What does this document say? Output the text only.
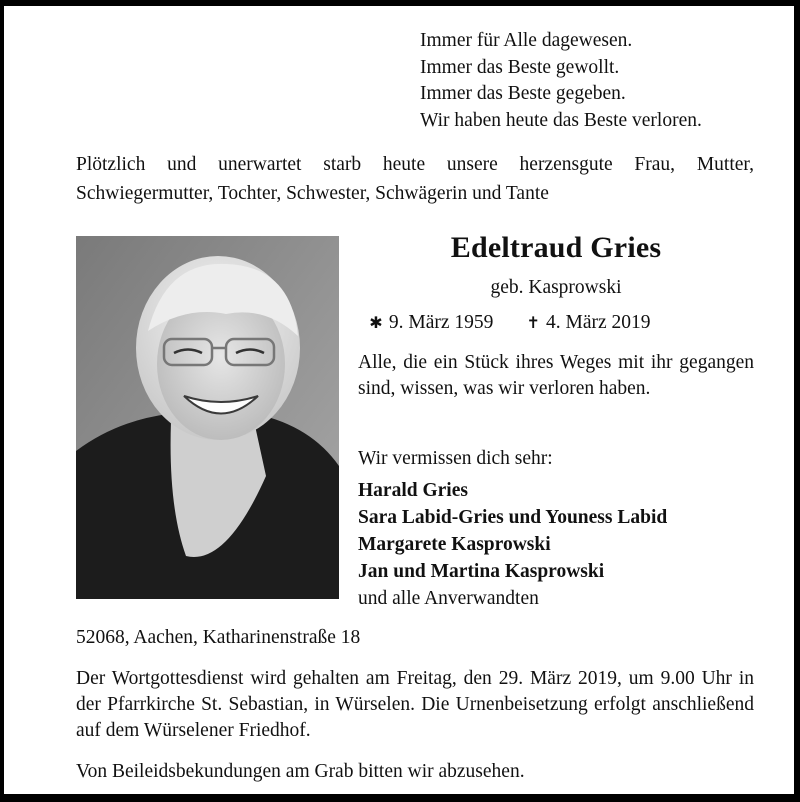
Immer für Alle dagewesen.
Immer das Beste gewollt.
Immer das Beste gegeben.
Wir haben heute das Beste verloren.
Plötzlich und unerwartet starb heute unsere herzensgute Frau, Mutter,
Schwiegermutter, Tochter, Schwester, Schwägerin und Tante
Edeltraud Gries
geb. Kasprowski
✱ 9. März 1959 ✝ 4. März 2019
Alle, die ein Stück ihres Weges mit ihr gegangen sind, wissen, was wir verloren haben.
Wir vermissen dich sehr:
Harald Gries
Sara Labid-Gries und Youness Labid
Margarete Kasprowski
Jan und Martina Kasprowski
und alle Anverwandten
52068, Aachen, Katharinenstraße 18
Der Wortgottesdienst wird gehalten am Freitag, den 29. März 2019, um 9.00 Uhr in der Pfarrkirche St. Sebastian, in Würselen. Die Urnenbeisetzung erfolgt anschließend auf dem Würselener Friedhof.
Von Beileidsbekundungen am Grab bitten wir abzusehen.
